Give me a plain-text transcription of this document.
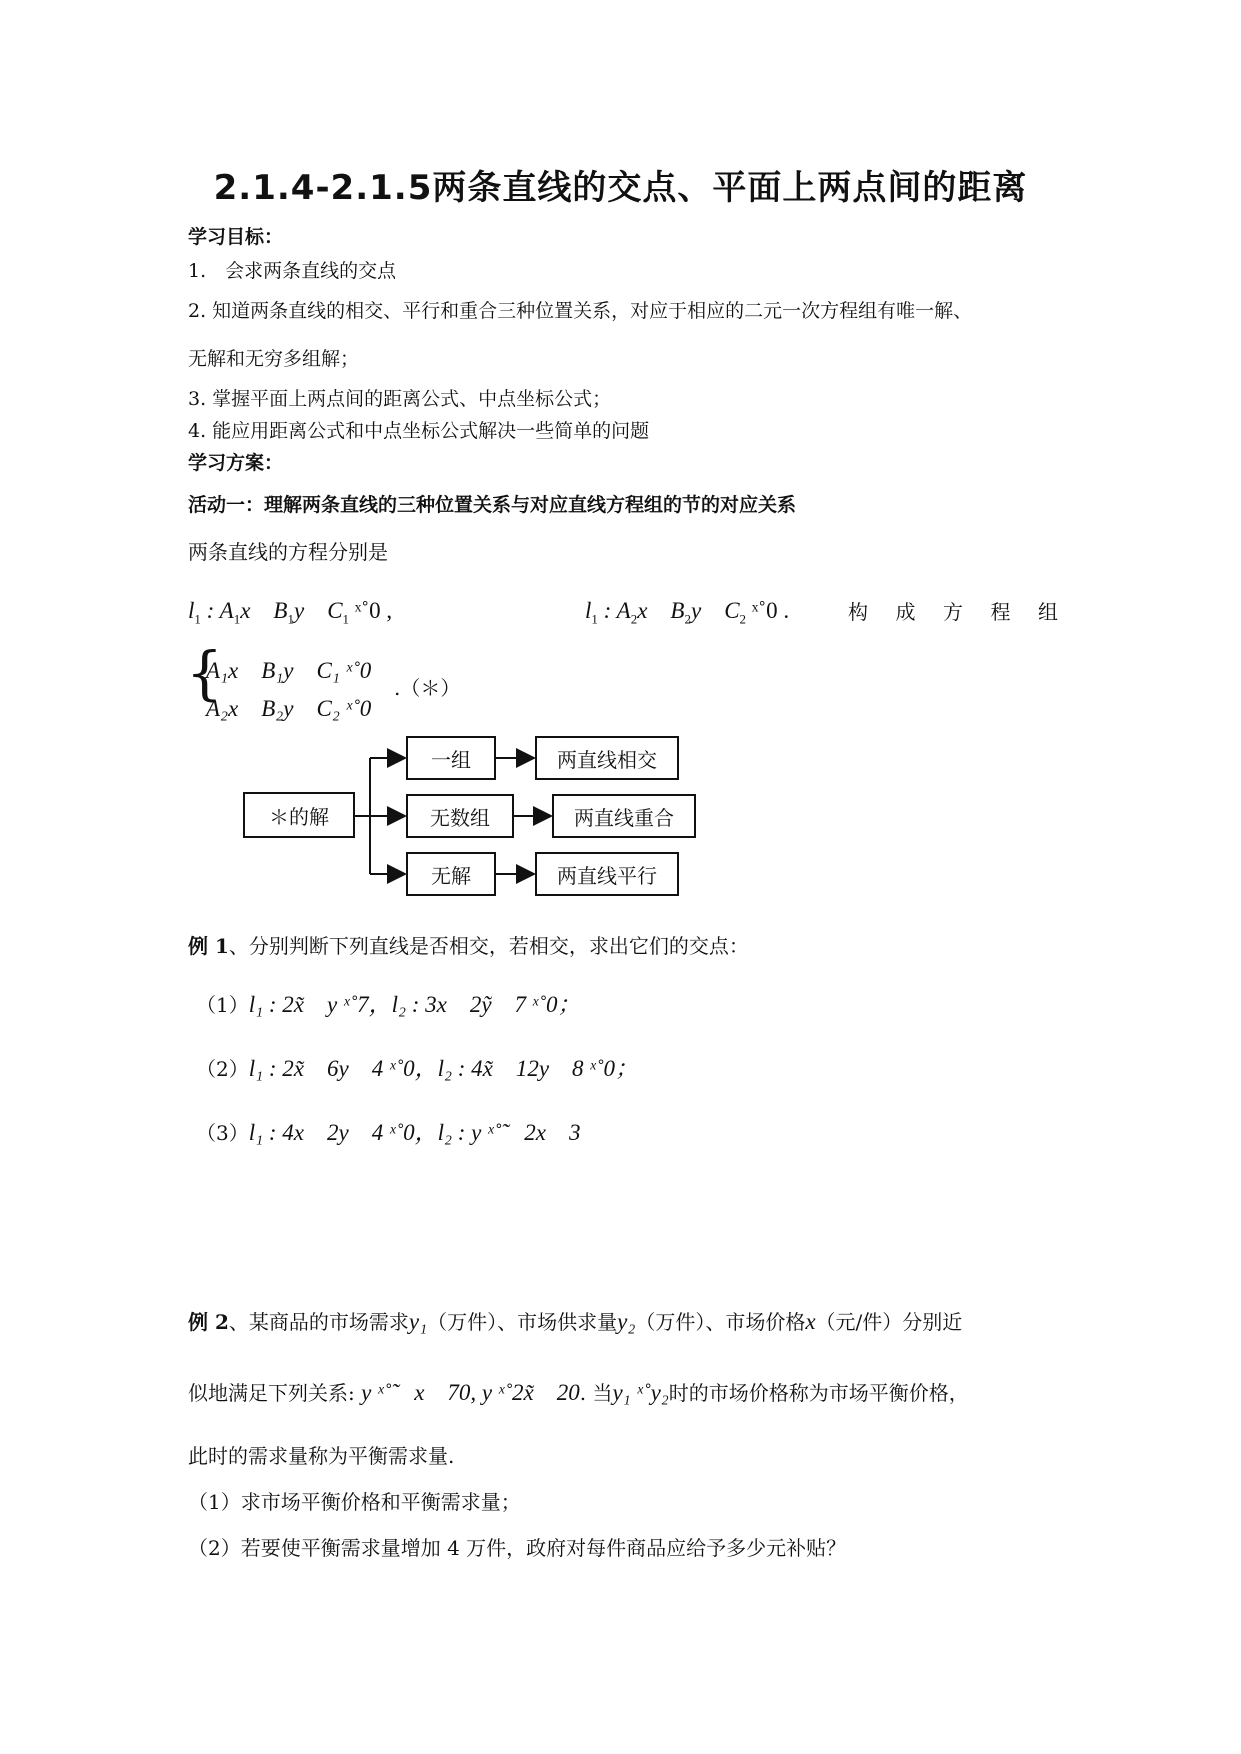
2.1.4-2.1.5两条直线的交点、平面上两点间的距离
学习目标：
1.　会求两条直线的交点
2. 知道两条直线的相交、平行和重合三种位置关系，对应于相应的二元一次方程组有唯一解、
无解和无穷多组解；
3. 掌握平面上两点间的距离公式、中点坐标公式；
4. 能应用距离公式和中点坐标公式解决一些简单的问题
学习方案：
活动一：理解两条直线的三种位置关系与对应直线方程组的节的对应关系
两条直线的方程分别是
$l_1$ : $A_1x$　 $B_1y$　 $C_1$ ˣ˚0 ,	$l_1$ : $A_2x$　 $B_2y$　 $C_2$ ˣ˚0 .	构 成 方 程 组
{
A₁x　B₁y　C₁ ˣ˚0
A₂x　B₂y　C₂ ˣ˚0
.（＊）
＊的解
一组	两直线相交
无数组	两直线重合
无解	两直线平行
例 1、分别判断下列直线是否相交，若相交，求出它们的交点：
（1）l₁ : 2x̃　y ˣ˚7，l₂ : 3x　2ỹ　7 ˣ˚0；
（2）l₁ : 2x̃　6y　4 ˣ˚0，l₂ : 4x̃　12y　8 ˣ˚0；
（3）l₁ : 4x　2y　4 ˣ˚0，l₂ : y ˣ˚̃　2x　3
例 2、某商品的市场需求y₁（万件）、市场供求量y₂（万件）、市场价格x（元/件）分别近
似地满足下列关系: y ˣ˚̃　x　70, y ˣ˚2x̃　20. 当y₁ ˣ˚y₂时的市场价格称为市场平衡价格，
此时的需求量称为平衡需求量.
（1）求市场平衡价格和平衡需求量；
（2）若要使平衡需求量增加 4 万件，政府对每件商品应给予多少元补贴？
